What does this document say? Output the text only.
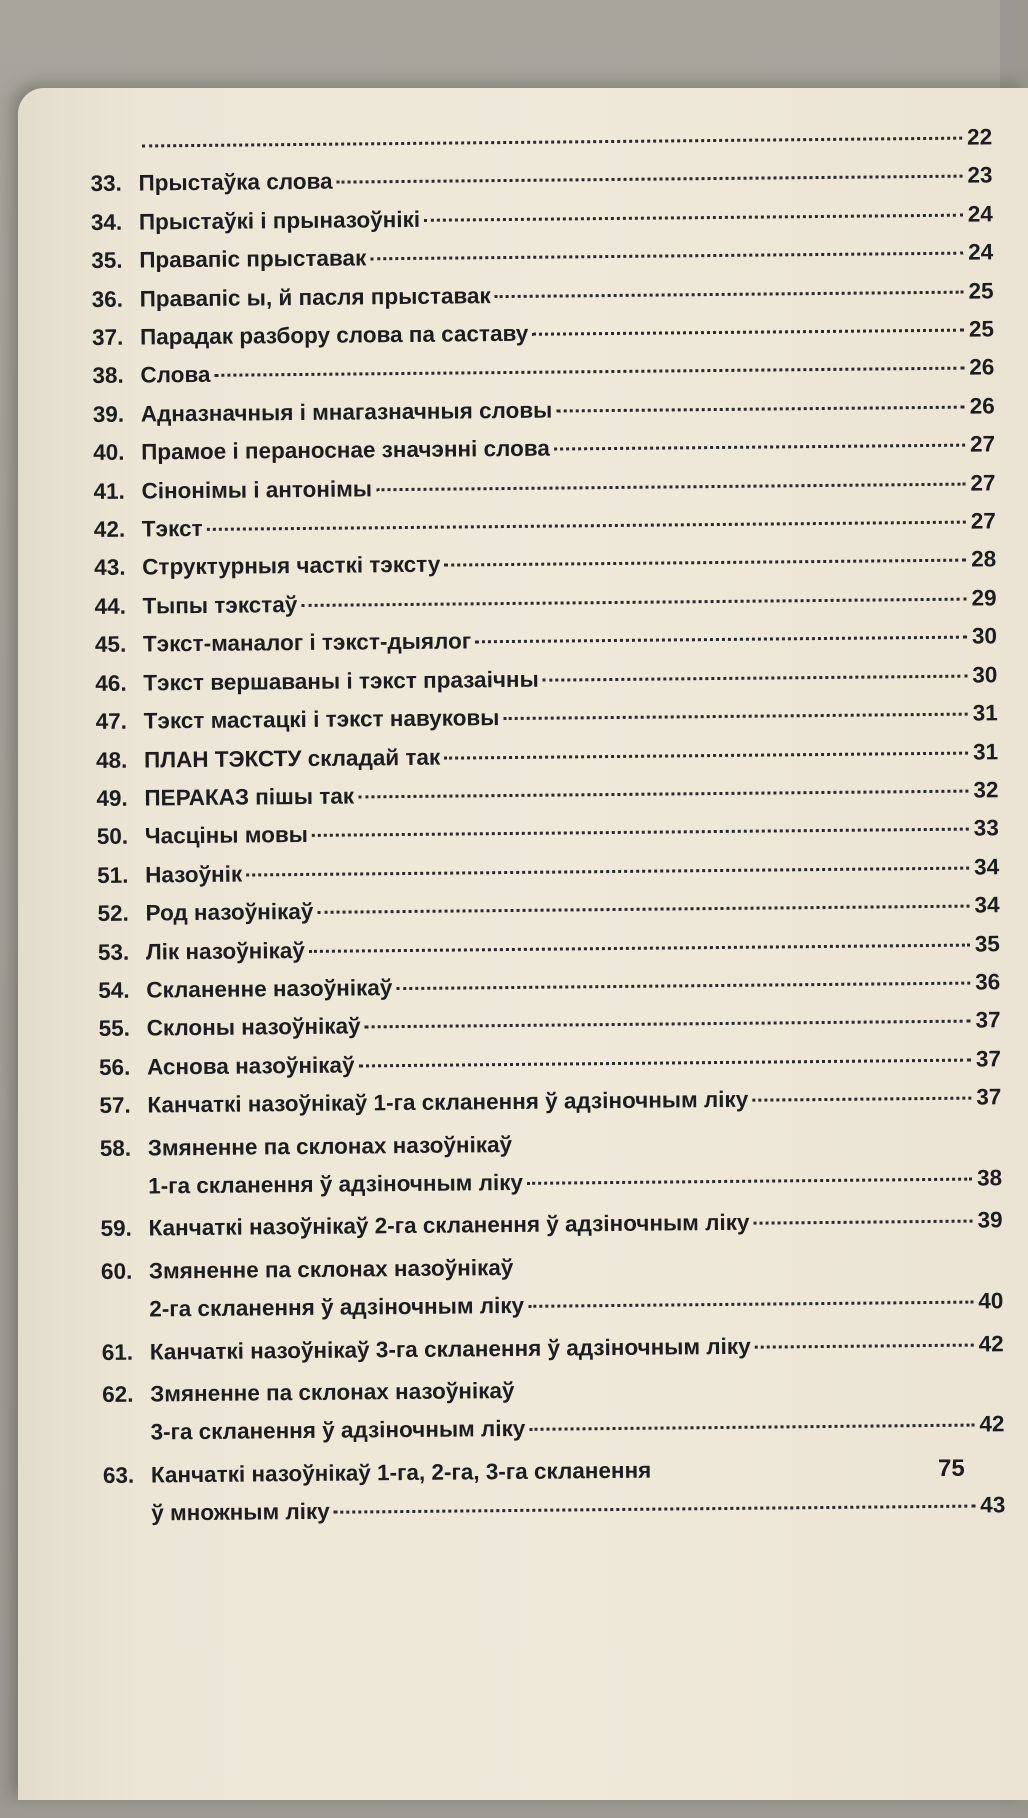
22
33. Прыстаўка слова	23
34. Прыстаўкі і прыназоўнікі	24
35. Правапіс прыставак	24
36. Правапіс ы, й пасля прыставак	25
37. Парадак разбору слова па саставу	25
38. Слова	26
39. Адназначныя і мнагазначныя словы	26
40. Прамое і пераноснае значэнні слова	27
41. Сінонімы і антонімы	27
42. Тэкст	27
43. Структурныя часткі тэксту	28
44. Тыпы тэкстаў	29
45. Тэкст-маналог і тэкст-дыялог	30
46. Тэкст вершаваны і тэкст празаічны	30
47. Тэкст мастацкі і тэкст навуковы	31
48. ПЛАН ТЭКСТУ складай так	31
49. ПЕРАКАЗ пішы так	32
50. Часціны мовы	33
51. Назоўнік	34
52. Род назоўнікаў	34
53. Лік назоўнікаў	35
54. Скланенне назоўнікаў	36
55. Склоны назоўнікаў	37
56. Аснова назоўнікаў	37
57. Канчаткі назоўнікаў 1-га скланення ў адзіночным ліку	37
58. Змяненне па склонах назоўнікаў
1-га скланення ў адзіночным ліку	38
59. Канчаткі назоўнікаў 2-га скланення ў адзіночным ліку	39
60. Змяненне па склонах назоўнікаў
2-га скланення ў адзіночным ліку	40
61. Канчаткі назоўнікаў 3-га скланення ў адзіночным ліку	42
62. Змяненне па склонах назоўнікаў
3-га скланення ў адзіночным ліку	42
63. Канчаткі назоўнікаў 1-га, 2-га, 3-га скланення
ў множным ліку	43
75
